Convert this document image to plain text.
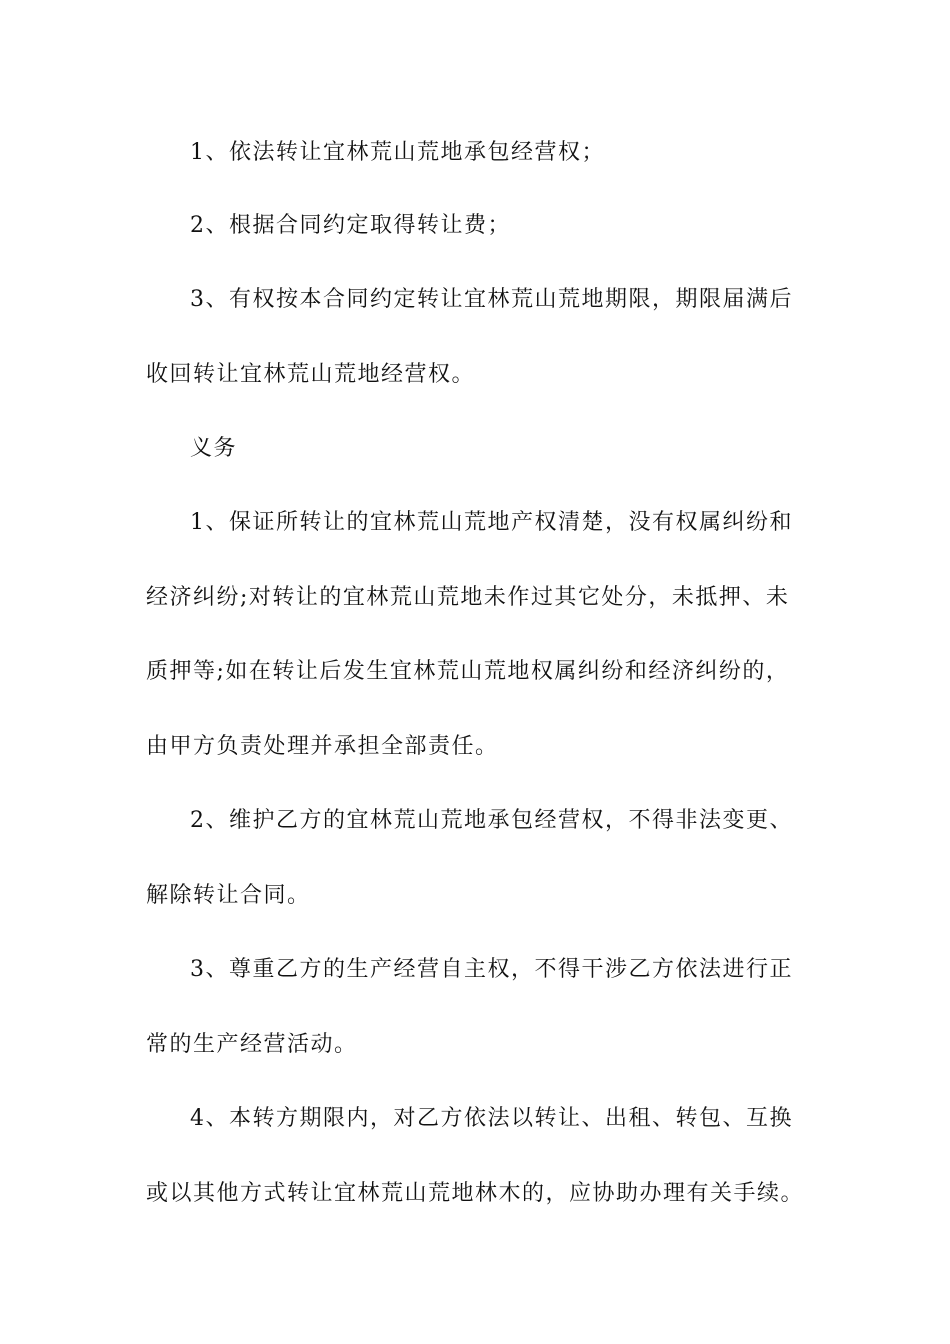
1、依法转让宜林荒山荒地承包经营权；

2、根据合同约定取得转让费；

3、有权按本合同约定转让宜林荒山荒地期限，期限届满后

收回转让宜林荒山荒地经营权。

义务

1、保证所转让的宜林荒山荒地产权清楚，没有权属纠纷和

经济纠纷;对转让的宜林荒山荒地未作过其它处分，未抵押、未

质押等;如在转让后发生宜林荒山荒地权属纠纷和经济纠纷的，

由甲方负责处理并承担全部责任。

2、维护乙方的宜林荒山荒地承包经营权，不得非法变更、

解除转让合同。

3、尊重乙方的生产经营自主权，不得干涉乙方依法进行正

常的生产经营活动。

4、本转方期限内，对乙方依法以转让、出租、转包、互换

或以其他方式转让宜林荒山荒地林木的，应协助办理有关手续。
